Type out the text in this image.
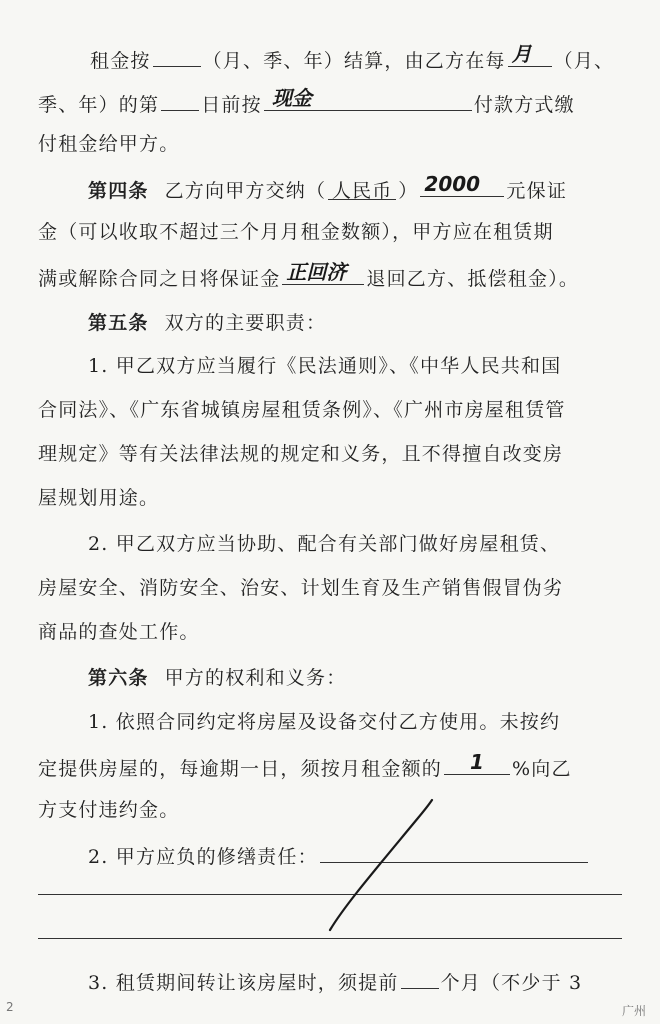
租金按	（月、季、年）结算，由乙方在每 月 （月、
季、年）的第 日前按 现金	付款方式缴
付租金给甲方。
第四条 乙方向甲方交纳（ 人民币 ） 2000 元保证
金（可以收取不超过三个月月租金数额），甲方应在租赁期
满或解除合同之日将保证金 正回济 退回乙方、抵偿租金）。
第五条 双方的主要职责：
1. 甲乙双方应当履行《民法通则》、《中华人民共和国
合同法》、《广东省城镇房屋租赁条例》、《广州市房屋租赁管
理规定》等有关法律法规的规定和义务，且不得擅自改变房
屋规划用途。
2. 甲乙双方应当协助、配合有关部门做好房屋租赁、
房屋安全、消防安全、治安、计划生育及生产销售假冒伪劣
商品的查处工作。
第六条 甲方的权利和义务：
1. 依照合同约定将房屋及设备交付乙方使用。未按约
定提供房屋的，每逾期一日，须按月租金额的 1 %向乙
方支付违约金。
2. 甲方应负的修缮责任：
3. 租赁期间转让该房屋时，须提前 个月（不少于 3
2	广州
